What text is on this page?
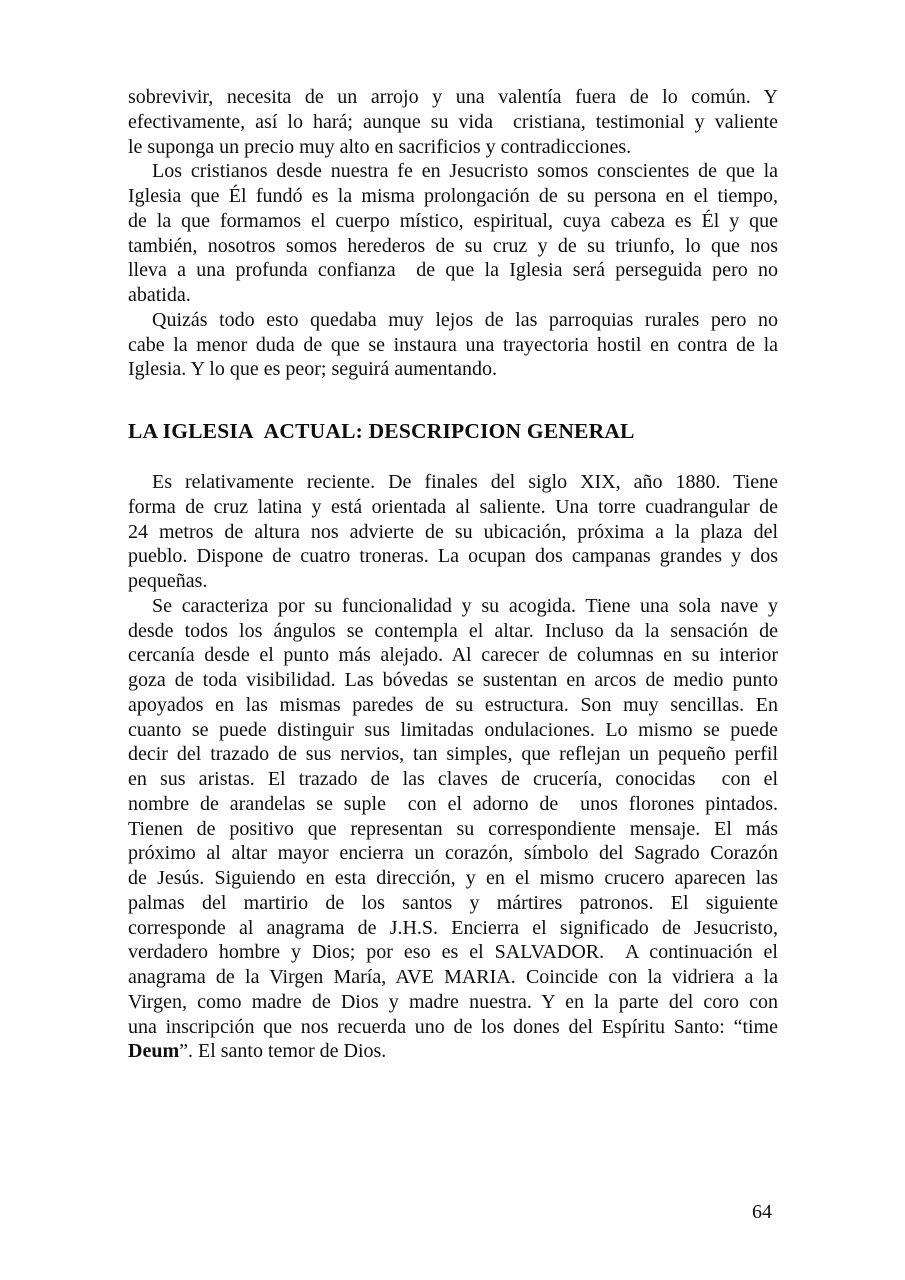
sobrevivir, necesita de un arrojo y una valentía fuera de lo común. Y
efectivamente, así lo hará; aunque su vida  cristiana, testimonial y valiente
le suponga un precio muy alto en sacrificios y contradicciones.
Los cristianos desde nuestra fe en Jesucristo somos conscientes de que la
Iglesia que Él fundó es la misma prolongación de su persona en el tiempo,
de la que formamos el cuerpo místico, espiritual, cuya cabeza es Él y que
también, nosotros somos herederos de su cruz y de su triunfo, lo que nos
lleva a una profunda confianza  de que la Iglesia será perseguida pero no
abatida.
Quizás todo esto quedaba muy lejos de las parroquias rurales pero no
cabe la menor duda de que se instaura una trayectoria hostil en contra de la
Iglesia. Y lo que es peor; seguirá aumentando.
LA IGLESIA  ACTUAL: DESCRIPCION GENERAL
Es relativamente reciente. De finales del siglo XIX, año 1880. Tiene
forma de cruz latina y está orientada al saliente. Una torre cuadrangular de
24 metros de altura nos advierte de su ubicación, próxima a la plaza del
pueblo. Dispone de cuatro troneras. La ocupan dos campanas grandes y dos
pequeñas.
Se caracteriza por su funcionalidad y su acogida. Tiene una sola nave y
desde todos los ángulos se contempla el altar. Incluso da la sensación de
cercanía desde el punto más alejado. Al carecer de columnas en su interior
goza de toda visibilidad. Las bóvedas se sustentan en arcos de medio punto
apoyados en las mismas paredes de su estructura. Son muy sencillas. En
cuanto se puede distinguir sus limitadas ondulaciones. Lo mismo se puede
decir del trazado de sus nervios, tan simples, que reflejan un pequeño perfil
en sus aristas. El trazado de las claves de crucería, conocidas  con el
nombre de arandelas se suple  con el adorno de  unos florones pintados.
Tienen de positivo que representan su correspondiente mensaje. El más
próximo al altar mayor encierra un corazón, símbolo del Sagrado Corazón
de Jesús. Siguiendo en esta dirección, y en el mismo crucero aparecen las
palmas del martirio de los santos y mártires patronos. El siguiente
corresponde al anagrama de J.H.S. Encierra el significado de Jesucristo,
verdadero hombre y Dios; por eso es el SALVADOR.  A continuación el
anagrama de la Virgen María, AVE MARIA. Coincide con la vidriera a la
Virgen, como madre de Dios y madre nuestra. Y en la parte del coro con
una inscripción que nos recuerda uno de los dones del Espíritu Santo: “time
Deum”. El santo temor de Dios.
64
